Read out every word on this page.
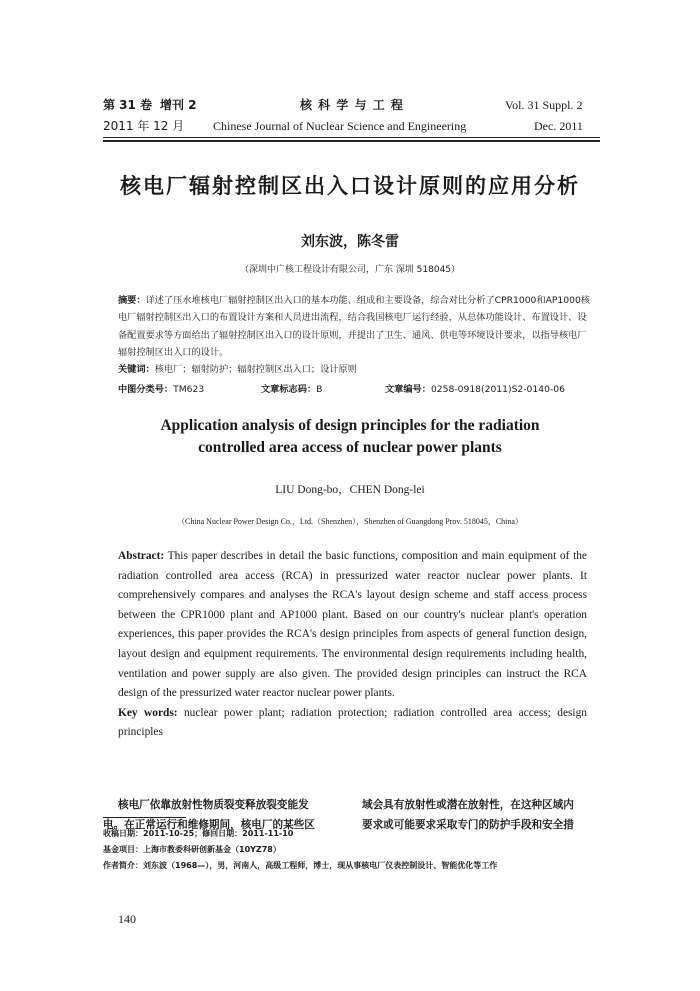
第 31 卷 增刊 2	核 科 学 与 工 程	Vol. 31 Suppl. 2
2011 年 12 月 Chinese Journal of Nuclear Science and Engineering	Dec. 2011
核电厂辐射控制区出入口设计原则的应用分析
刘东波，陈冬雷
（深圳中广核工程设计有限公司，广东 深圳 518045）
摘要：详述了压水堆核电厂辐射控制区出入口的基本功能、组成和主要设备，综合对比分析了CPR1000和AP1000核电厂辐射控制区出入口的布置设计方案和人员进出流程，结合我国核电厂运行经验，从总体功能设计、布置设计、设备配置要求等方面给出了辐射控制区出入口的设计原则，并提出了卫生、通风、供电等环境设计要求，以指导核电厂辐射控制区出入口的设计。
关键词：核电厂；辐射防护；辐射控制区出入口；设计原则
中图分类号：TM623	文章标志码：B	文章编号：0258-0918(2011)S2-0140-06
Application analysis of design principles for the radiation
controlled area access of nuclear power plants
LIU Dong-bo，CHEN Dong-lei
（China Nuclear Power Design Co.，Ltd.（Shenzhen），Shenzhen of Guangdong Prov. 518045，China）

Abstract: This paper describes in detail the basic functions, composition and main equipment of the radiation controlled area access (RCA) in pressurized water reactor nuclear power plants. It comprehensively compares and analyses the RCA's layout design scheme and staff access process between the CPR1000 plant and AP1000 plant. Based on our country's nuclear plant's operation experiences, this paper provides the RCA's design principles from aspects of general function design, layout design and equipment requirements. The environmental design requirements including health, ventilation and power supply are also given. The provided design principles can instruct the RCA design of the pressurized water reactor nuclear power plants.

Key words: nuclear power plant; radiation protection; radiation controlled area access; design principles

核电厂依靠放射性物质裂变释放裂变能发
电。在正常运行和维修期间，核电厂的某些区
域会具有放射性或潜在放射性，在这种区域内
要求或可能要求采取专门的防护手段和安全措
收稿日期：2011-10-25；修回日期：2011-11-10
基金项目：上海市教委科研创新基金（10YZ78）
作者简介：刘东波（1968—），男，河南人，高级工程师，博士，现从事核电厂仪表控制设计、智能优化等工作
140
